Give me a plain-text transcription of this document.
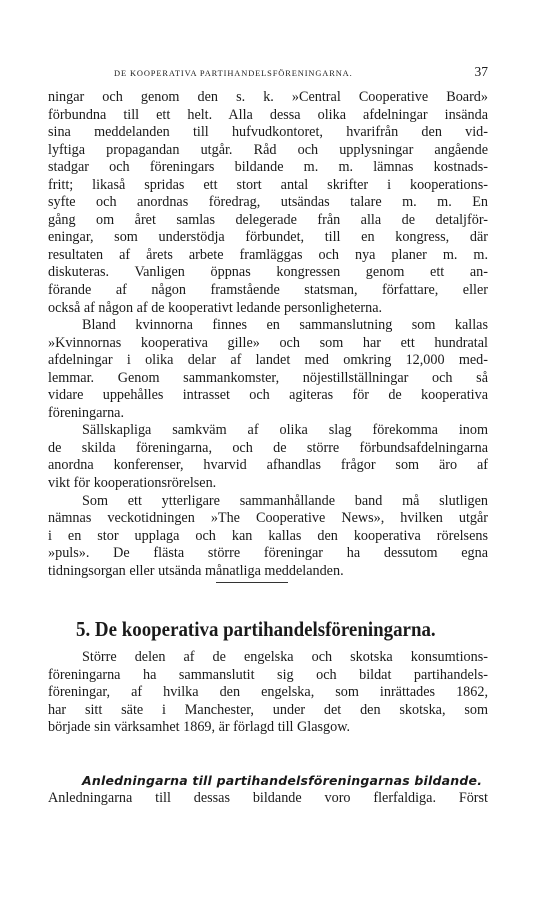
DE KOOPERATIVA PARTIHANDELSFÖRENINGARNA.	37
ningar och genom den s. k. »Central Cooperative Board»
förbundna till ett helt. Alla dessa olika afdelningar insända
sina meddelanden till hufvudkontoret, hvarifrån den vid-
lyftiga propagandan utgår. Råd och upplysningar angående
stadgar och föreningars bildande m. m. lämnas kostnads-
fritt; likaså spridas ett stort antal skrifter i kooperations-
syfte och anordnas föredrag, utsändas talare m. m. En
gång om året samlas delegerade från alla de detaljför-
eningar, som understödja förbundet, till en kongress, där
resultaten af årets arbete framläggas och nya planer m. m.
diskuteras. Vanligen öppnas kongressen genom ett an-
förande af någon framstående statsman, författare, eller
också af någon af de kooperativt ledande personligheterna.
Bland kvinnorna finnes en sammanslutning som kallas
»Kvinnornas kooperativa gille» och som har ett hundratal
afdelningar i olika delar af landet med omkring 12,000 med-
lemmar. Genom sammankomster, nöjestillställningar och så
vidare uppehålles intrasset och agiteras för de kooperativa
föreningarna.
Sällskapliga samkväm af olika slag förekomma inom
de skilda föreningarna, och de större förbundsafdelningarna
anordna konferenser, hvarvid afhandlas frågor som äro af
vikt för kooperationsrörelsen.
Som ett ytterligare sammanhållande band må slutligen
nämnas veckotidningen »The Cooperative News», hvilken utgår
i en stor upplaga och kan kallas den kooperativa rörelsens
»puls». De flästa större föreningar ha dessutom egna
tidningsorgan eller utsända månatliga meddelanden.
5. De kooperativa partihandelsföreningarna.
Större delen af de engelska och skotska konsumtions-
föreningarna ha sammanslutit sig och bildat partihandels-
föreningar, af hvilka den engelska, som inrättades 1862,
har sitt säte i Manchester, under det den skotska, som
började sin värksamhet 1869, är förlagd till Glasgow.
Anledningarna till partihandelsföreningarnas bildande.
Anledningarna till dessas bildande voro flerfaldiga. Först
